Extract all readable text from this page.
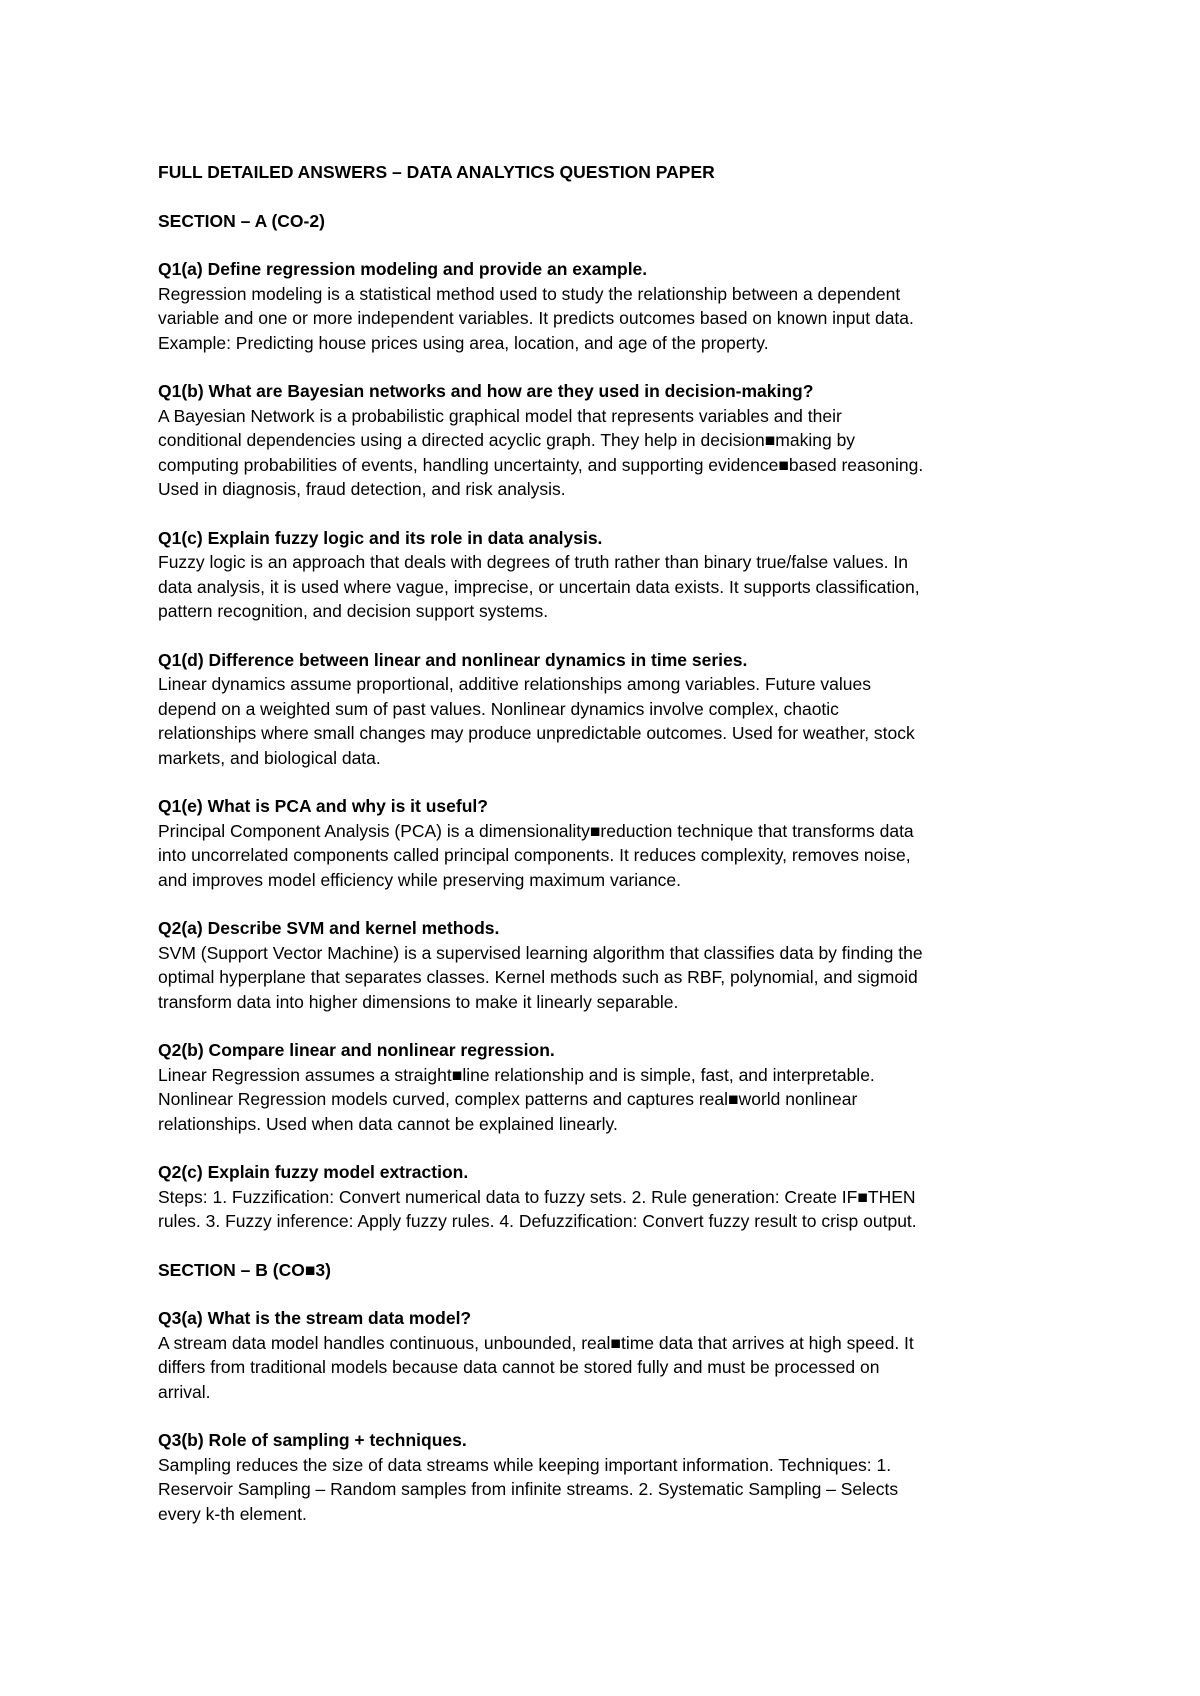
FULL DETAILED ANSWERS – DATA ANALYTICS QUESTION PAPER

SECTION – A (CO-2)

Q1(a) Define regression modeling and provide an example.

Regression modeling is a statistical method used to study the relationship between a dependent
variable and one or more independent variables. It predicts outcomes based on known input data.
Example: Predicting house prices using area, location, and age of the property.

Q1(b) What are Bayesian networks and how are they used in decision-making?

A Bayesian Network is a probabilistic graphical model that represents variables and their
conditional dependencies using a directed acyclic graph. They help in decision■making by
computing probabilities of events, handling uncertainty, and supporting evidence■based reasoning.
Used in diagnosis, fraud detection, and risk analysis.

Q1(c) Explain fuzzy logic and its role in data analysis.

Fuzzy logic is an approach that deals with degrees of truth rather than binary true/false values. In
data analysis, it is used where vague, imprecise, or uncertain data exists. It supports classification,
pattern recognition, and decision support systems.

Q1(d) Difference between linear and nonlinear dynamics in time series.

Linear dynamics assume proportional, additive relationships among variables. Future values
depend on a weighted sum of past values. Nonlinear dynamics involve complex, chaotic
relationships where small changes may produce unpredictable outcomes. Used for weather, stock
markets, and biological data.

Q1(e) What is PCA and why is it useful?

Principal Component Analysis (PCA) is a dimensionality■reduction technique that transforms data
into uncorrelated components called principal components. It reduces complexity, removes noise,
and improves model efficiency while preserving maximum variance.

Q2(a) Describe SVM and kernel methods.

SVM (Support Vector Machine) is a supervised learning algorithm that classifies data by finding the
optimal hyperplane that separates classes. Kernel methods such as RBF, polynomial, and sigmoid
transform data into higher dimensions to make it linearly separable.

Q2(b) Compare linear and nonlinear regression.

Linear Regression assumes a straight■line relationship and is simple, fast, and interpretable.
Nonlinear Regression models curved, complex patterns and captures real■world nonlinear
relationships. Used when data cannot be explained linearly.

Q2(c) Explain fuzzy model extraction.

Steps: 1. Fuzzification: Convert numerical data to fuzzy sets. 2. Rule generation: Create IF■THEN
rules. 3. Fuzzy inference: Apply fuzzy rules. 4. Defuzzification: Convert fuzzy result to crisp output.

SECTION – B (CO■3)

Q3(a) What is the stream data model?

A stream data model handles continuous, unbounded, real■time data that arrives at high speed. It
differs from traditional models because data cannot be stored fully and must be processed on
arrival.

Q3(b) Role of sampling + techniques.

Sampling reduces the size of data streams while keeping important information. Techniques: 1.
Reservoir Sampling – Random samples from infinite streams. 2. Systematic Sampling – Selects
every k-th element.
